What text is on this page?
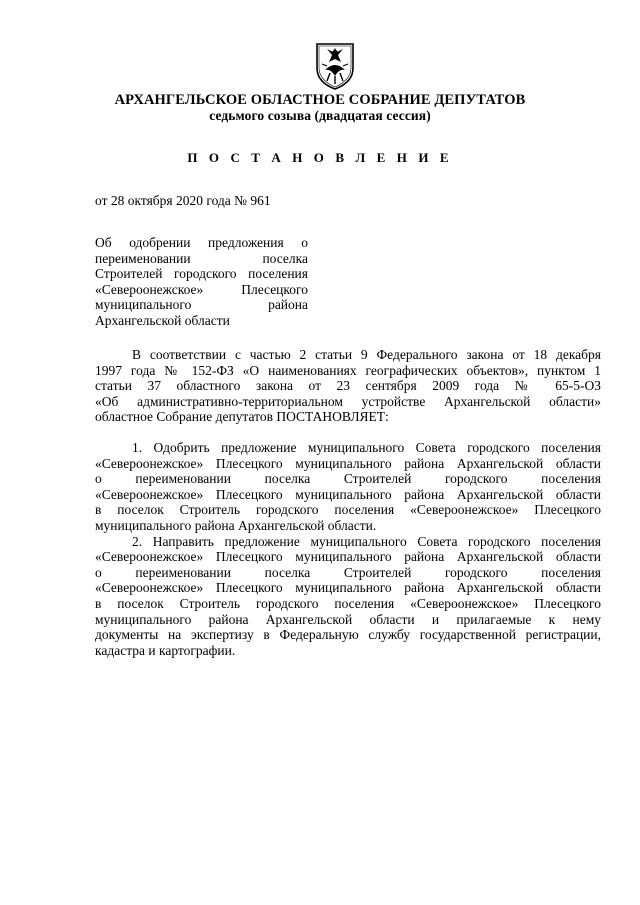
АРХАНГЕЛЬСКОЕ ОБЛАСТНОЕ СОБРАНИЕ ДЕПУТАТОВ
седьмого созыва (двадцатая сессия)
П О С Т А Н О В Л Е Н И Е
от 28 октября 2020 года № 961
Об одобрении предложения о
переименовании поселка
Строителей городского поселения
«Североонежское» Плесецкого
муниципального района
Архангельской области
В соответствии с частью 2 статьи 9 Федерального закона от 18 декабря
1997 года № 152-ФЗ «О наименованиях географических объектов», пунктом 1
статьи 37 областного закона от 23 сентября 2009 года № 65-5-ОЗ
«Об административно-территориальном устройстве Архангельской области»
областное Собрание депутатов ПОСТАНОВЛЯЕТ:
1. Одобрить предложение муниципального Совета городского поселения
«Североонежское» Плесецкого муниципального района Архангельской области
о переименовании поселка Строителей городского поселения
«Североонежское» Плесецкого муниципального района Архангельской области
в поселок Строитель городского поселения «Североонежское» Плесецкого
муниципального района Архангельской области.
2. Направить предложение муниципального Совета городского поселения
«Североонежское» Плесецкого муниципального района Архангельской области
о переименовании поселка Строителей городского поселения
«Североонежское» Плесецкого муниципального района Архангельской области
в поселок Строитель городского поселения «Североонежское» Плесецкого
муниципального района Архангельской области и прилагаемые к нему
документы на экспертизу в Федеральную службу государственной регистрации,
кадастра и картографии.
